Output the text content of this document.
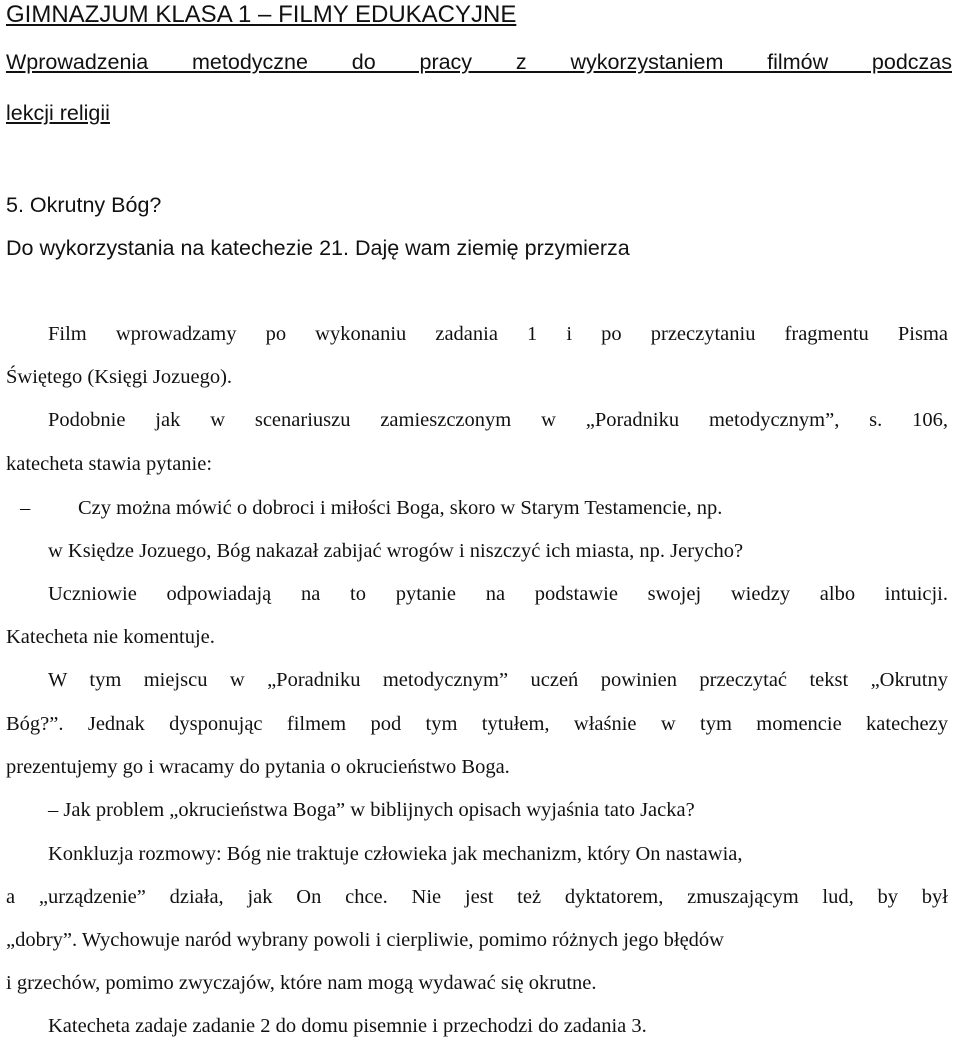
GIMNAZJUM KLASA 1 – FILMY EDUKACYJNE
Wprowadzenia metodyczne do pracy z wykorzystaniem filmów podczas
lekcji religii
5. Okrutny Bóg?
Do wykorzystania na katechezie 21. Daję wam ziemię przymierza
Film wprowadzamy po wykonaniu zadania 1 i po przeczytaniu fragmentu Pisma
Świętego (Księgi Jozuego).
Podobnie jak w scenariuszu zamieszczonym w „Poradniku metodycznym”, s. 106,
katecheta stawia pytanie:
– Czy można mówić o dobroci i miłości Boga, skoro w Starym Testamencie, np.
w Księdze Jozuego, Bóg nakazał zabijać wrogów i niszczyć ich miasta, np. Jerycho?
Uczniowie odpowiadają na to pytanie na podstawie swojej wiedzy albo intuicji.
Katecheta nie komentuje.
W tym miejscu w „Poradniku metodycznym” uczeń powinien przeczytać tekst „Okrutny
Bóg?”. Jednak dysponując filmem pod tym tytułem, właśnie w tym momencie katechezy
prezentujemy go i wracamy do pytania o okrucieństwo Boga.
– Jak problem „okrucieństwa Boga” w biblijnych opisach wyjaśnia tato Jacka?
Konkluzja rozmowy: Bóg nie traktuje człowieka jak mechanizm, który On nastawia,
a „urządzenie” działa, jak On chce. Nie jest też dyktatorem, zmuszającym lud, by był
„dobry”. Wychowuje naród wybrany powoli i cierpliwie, pomimo różnych jego błędów
i grzechów, pomimo zwyczajów, które nam mogą wydawać się okrutne.
Katecheta zadaje zadanie 2 do domu pisemnie i przechodzi do zadania 3.
